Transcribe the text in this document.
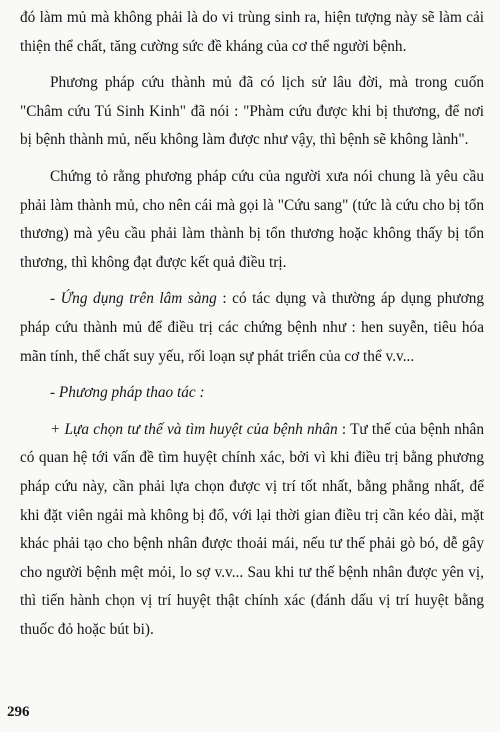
đó làm mủ mà không phải là do vi trùng sinh ra, hiện tượng này sẽ làm cải thiện thể chất, tăng cường sức đề kháng của cơ thể người bệnh.

Phương pháp cứu thành mủ đã có lịch sử lâu đời, mà trong cuốn "Châm cứu Tú Sinh Kinh" đã nói : "Phàm cứu được khi bị thương, để nơi bị bệnh thành mủ, nếu không làm được như vậy, thì bệnh sẽ không lành".

Chứng tỏ rằng phương pháp cứu của người xưa nói chung là yêu cầu phải làm thành mủ, cho nên cái mà gọi là "Cứu sang" (tức là cứu cho bị tổn thương) mà yêu cầu phải làm thành bị tổn thương hoặc không thấy bị tổn thương, thì không đạt được kết quả điều trị.

- Ứng dụng trên lâm sàng : có tác dụng và thường áp dụng phương pháp cứu thành mủ để điều trị các chứng bệnh như : hen suyễn, tiêu hóa mãn tính, thể chất suy yếu, rối loạn sự phát triển của cơ thể v.v...

- Phương pháp thao tác :

+ Lựa chọn tư thế và tìm huyệt của bệnh nhân : Tư thế của bệnh nhân có quan hệ tới vấn đề tìm huyệt chính xác, bởi vì khi điều trị bằng phương pháp cứu này, cần phải lựa chọn được vị trí tốt nhất, bằng phẳng nhất, để khi đặt viên ngải mà không bị đổ, với lại thời gian điều trị cần kéo dài, mặt khác phải tạo cho bệnh nhân được thoải mái, nếu tư thế phải gò bó, dễ gây cho người bệnh mệt mỏi, lo sợ v.v... Sau khi tư thế bệnh nhân được yên vị, thì tiến hành chọn vị trí huyệt thật chính xác (đánh dấu vị trí huyệt bằng thuốc đỏ hoặc bút bi).

296
